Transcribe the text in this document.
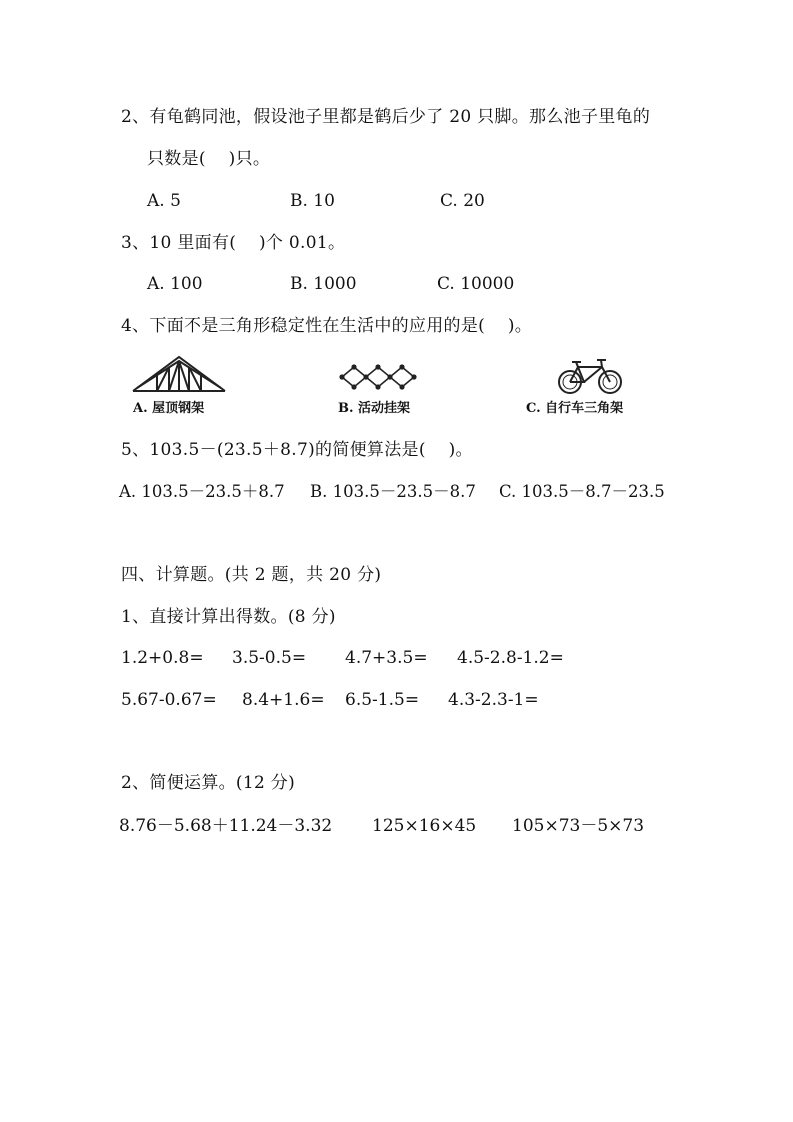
2、有龟鹤同池，假设池子里都是鹤后少了 20 只脚。那么池子里龟的
只数是(    )只。
A. 5	B. 10	C. 20
3、10 里面有(    )个 0.01。
A. 100	B. 1000	C. 10000
4、下面不是三角形稳定性在生活中的应用的是(    )。
A. 屋顶钢架	B. 活动挂架	C. 自行车三角架
5、103.5－(23.5＋8.7)的简便算法是(    )。
A. 103.5－23.5＋8.7 B. 103.5－23.5－8.7 C. 103.5－8.7－23.5
四、计算题。(共 2 题，共 20 分)
1、直接计算出得数。(8 分)
1.2+0.8= 3.5-0.5= 4.7+3.5= 4.5-2.8-1.2=
5.67-0.67= 8.4+1.6= 6.5-1.5= 4.3-2.3-1=
2、简便运算。(12 分)
8.76－5.68＋11.24－3.32 125×16×45 105×73－5×73
